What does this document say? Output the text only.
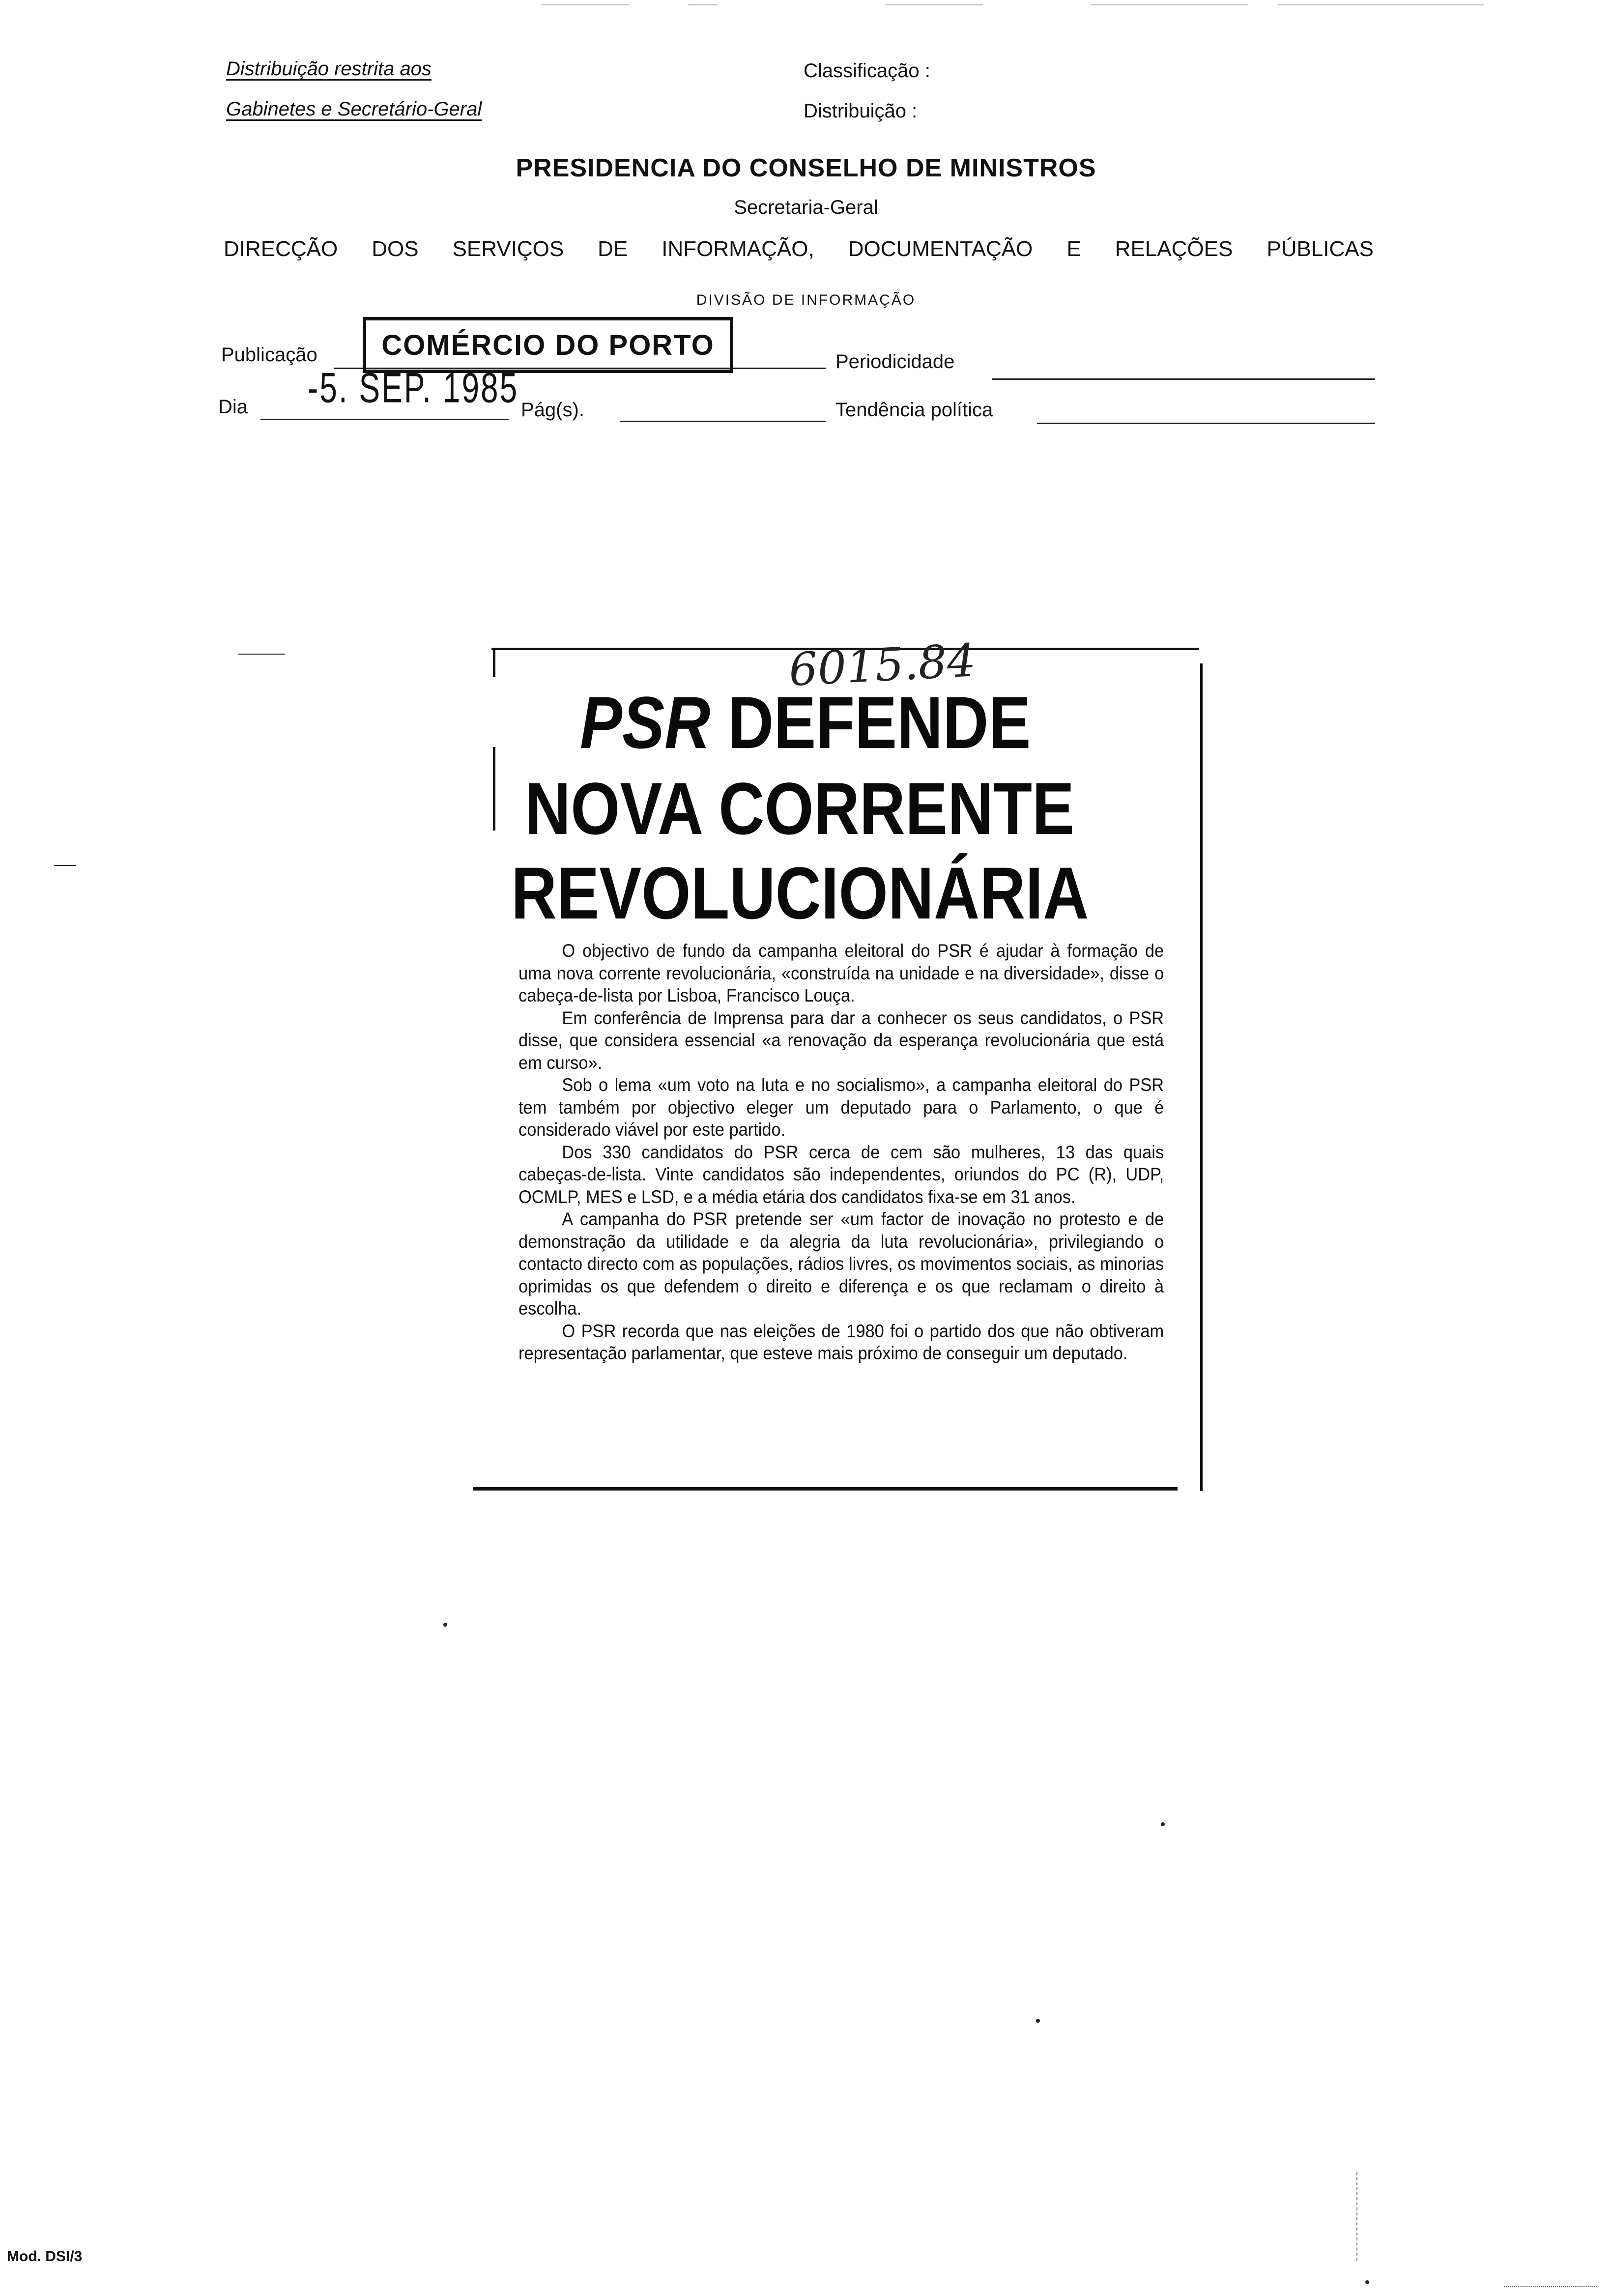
Distribuição restrita aos
Gabinetes e Secretário-Geral
Classificação :
Distribuição :
PRESIDENCIA DO CONSELHO DE MINISTROS
Secretaria-Geral
DIRECÇÃO DOS SERVIÇOS DE INFORMAÇÃO, DOCUMENTAÇÃO E RELAÇÕES PÚBLICAS
DIVISÃO DE INFORMAÇÃO
Publicação	COMÉRCIO DO PORTO
Periodicidade
Dia -5. SEP. 1985 Pág(s).	Tendência política
6015.84
PSR DEFENDE
NOVA CORRENTE
REVOLUCIONÁRIA

O objectivo de fundo da campanha eleitoral do PSR é ajudar à formação de uma nova corrente revolucionária, «construída na unidade e na diversidade», disse o cabeça-de-lista por Lisboa, Francisco Louça.

Em conferência de Imprensa para dar a conhecer os seus candidatos, o PSR disse, que considera essencial «a renovação da esperança revolucionária que está em curso».

Sob o lema «um voto na luta e no socialismo», a campanha eleitoral do PSR tem também por objectivo eleger um deputado para o Parlamento, o que é considerado viável por este partido.

Dos 330 candidatos do PSR cerca de cem são mulheres, 13 das quais cabeças-de-lista. Vinte candidatos são independentes, oriundos do PC (R), UDP, OCMLP, MES e LSD, e a média etária dos candidatos fixa-se em 31 anos.

A campanha do PSR pretende ser «um factor de inovação no protesto e de demonstração da utilidade e da alegria da luta revolucionária», privilegiando o contacto directo com as populações, rádios livres, os movimentos sociais, as minorias oprimidas os que defendem o direito e diferença e os que reclamam o direito à escolha.

O PSR recorda que nas eleições de 1980 foi o partido dos que não obtiveram representação parlamentar, que esteve mais próximo de conseguir um deputado.

Mod. DSI/3
